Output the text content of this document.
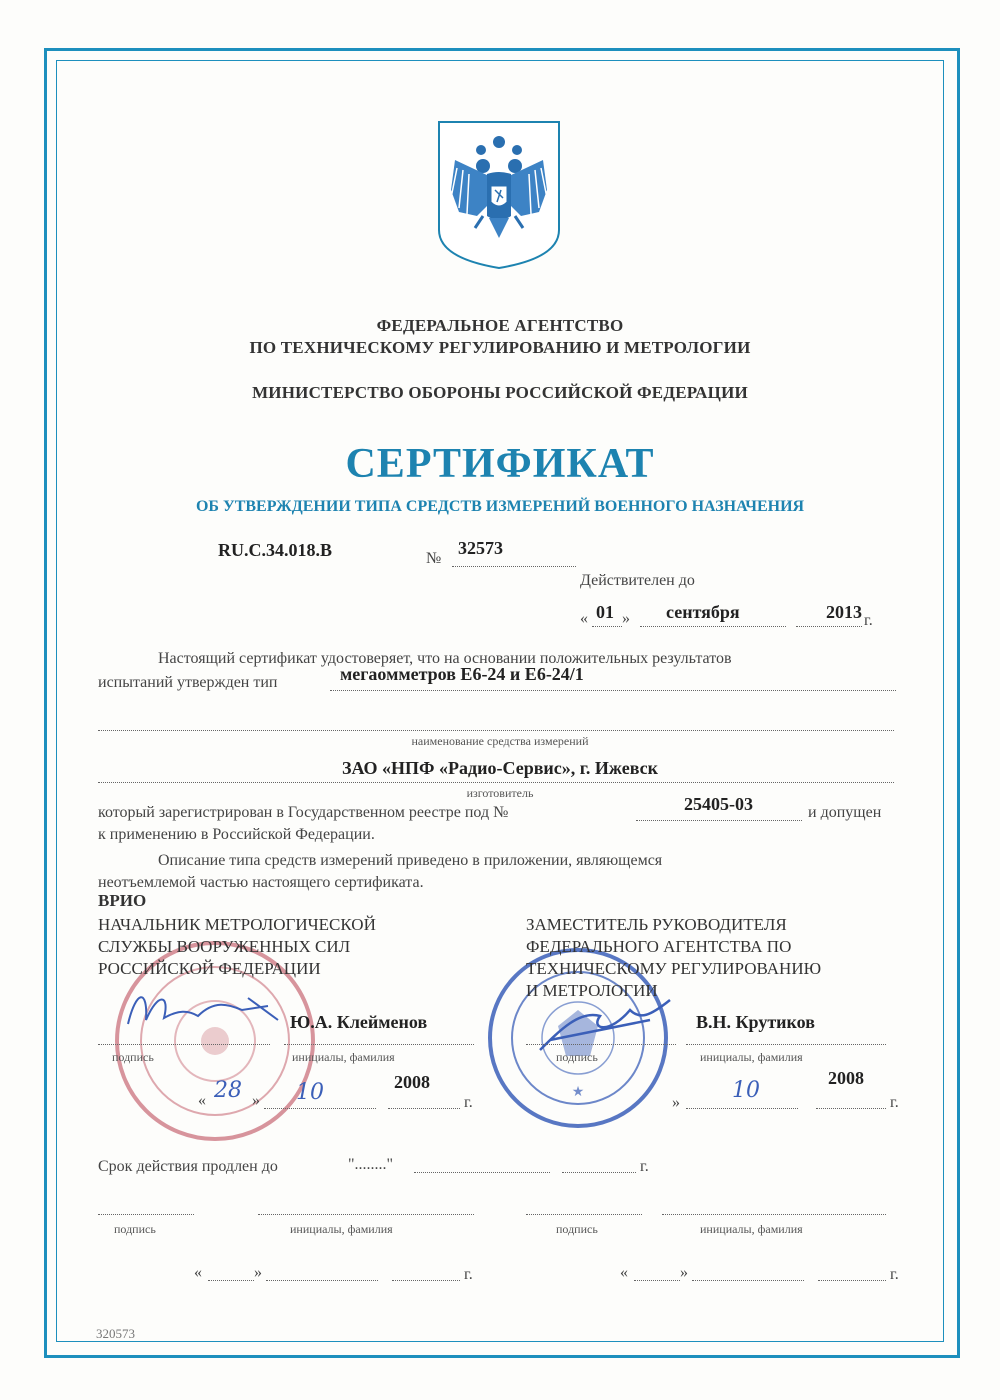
ФЕДЕРАЛЬНОЕ АГЕНТСТВО
ПО ТЕХНИЧЕСКОМУ РЕГУЛИРОВАНИЮ И МЕТРОЛОГИИ
МИНИСТЕРСТВО ОБОРОНЫ РОССИЙСКОЙ ФЕДЕРАЦИИ
СЕРТИФИКАТ
ОБ УТВЕРЖДЕНИИ ТИПА СРЕДСТВ ИЗМЕРЕНИЙ ВОЕННОГО НАЗНАЧЕНИЯ
RU.C.34.018.B	№
32573
Действителен до
« 01 » сентября	2013 г.
Настоящий сертификат удостоверяет, что на основании положительных результатов
испытаний утвержден тип	мегаомметров Е6-24 и Е6-24/1
наименование средства измерений
ЗАО «НПФ «Радио-Сервис», г. Ижевск
изготовитель
который зарегистрирован в Государственном реестре под №	25405-03	и допущен
к применению в Российской Федерации.
Описание типа средств измерений приведено в приложении, являющемся
неотъемлемой частью настоящего сертификата.
★
ВРИО
НАЧАЛЬНИК МЕТРОЛОГИЧЕСКОЙ
СЛУЖБЫ ВООРУЖЕННЫХ СИЛ
РОССИЙСКОЙ ФЕДЕРАЦИИ
Ю.А. Клейменов
подпись	инициалы, фамилия
« 28 » 10	2008
г.
ЗАМЕСТИТЕЛЬ РУКОВОДИТЕЛЯ
ФЕДЕРАЛЬНОГО АГЕНТСТВА ПО
ТЕХНИЧЕСКОМУ РЕГУЛИРОВАНИЮ
И МЕТРОЛОГИИ
В.Н. Крутиков
подпись	инициалы, фамилия
» 10	2008
г.
Срок действия продлен до	"........"	г.
подпись	инициалы, фамилия	подпись	инициалы, фамилия
«	»	г.	«	»	г.
320573
